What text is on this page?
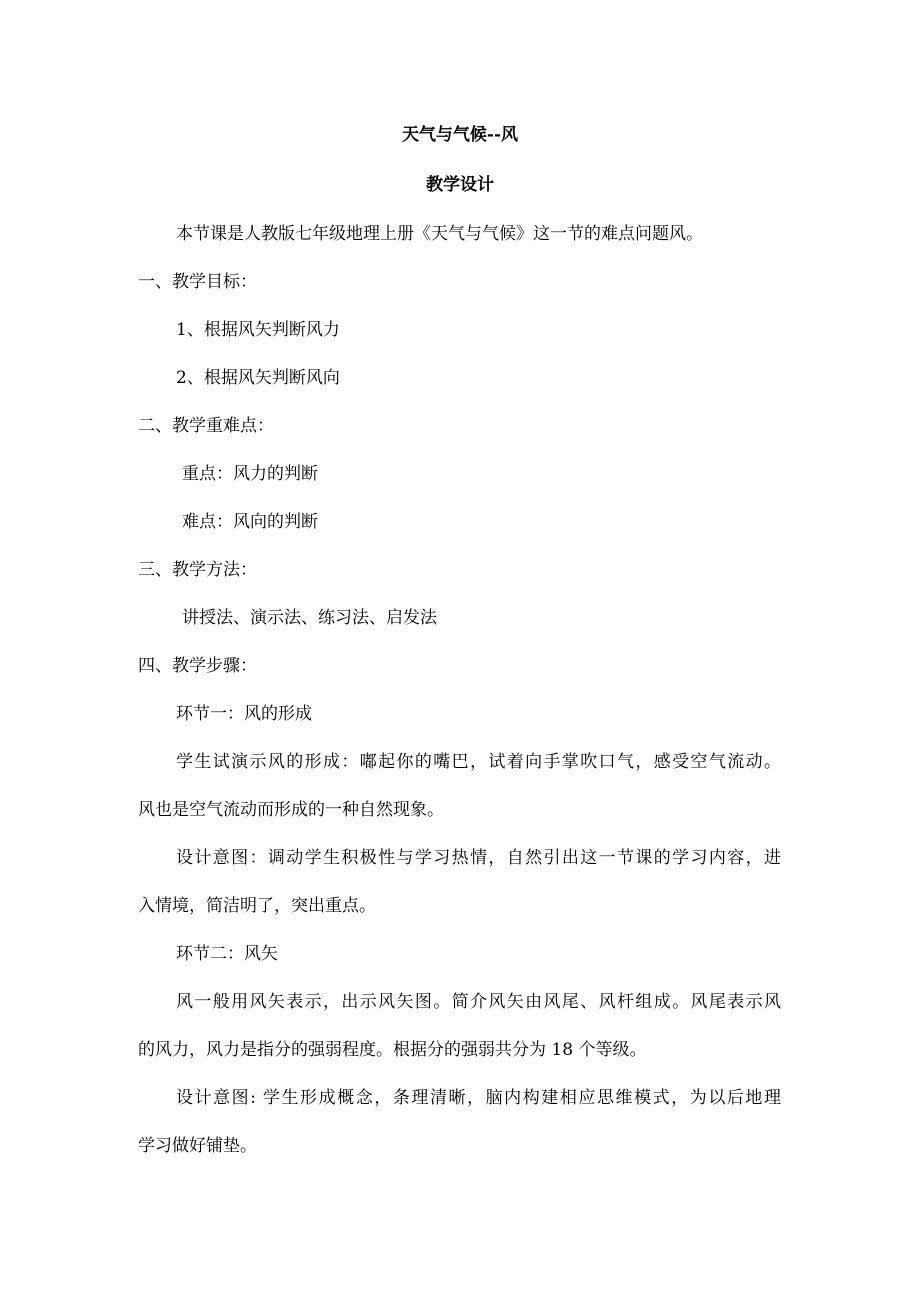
天气与气候--风
教学设计
本节课是人教版七年级地理上册《天气与气候》这一节的难点问题风。
一、教学目标：
1、根据风矢判断风力
2、根据风矢判断风向
二、教学重难点：
重点：风力的判断
难点：风向的判断
三、教学方法：
讲授法、演示法、练习法、启发法
四、教学步骤：
环节一：风的形成
学生试演示风的形成：嘟起你的嘴巴，试着向手掌吹口气，感受空气流动。
风也是空气流动而形成的一种自然现象。
设计意图：调动学生积极性与学习热情，自然引出这一节课的学习内容，进
入情境，简洁明了，突出重点。
环节二：风矢
风一般用风矢表示，出示风矢图。简介风矢由风尾、风杆组成。风尾表示风
的风力，风力是指分的强弱程度。根据分的强弱共分为 18 个等级。
设计意图: 学生形成概念，条理清晰，脑内构建相应思维模式，为以后地理
学习做好铺垫。
